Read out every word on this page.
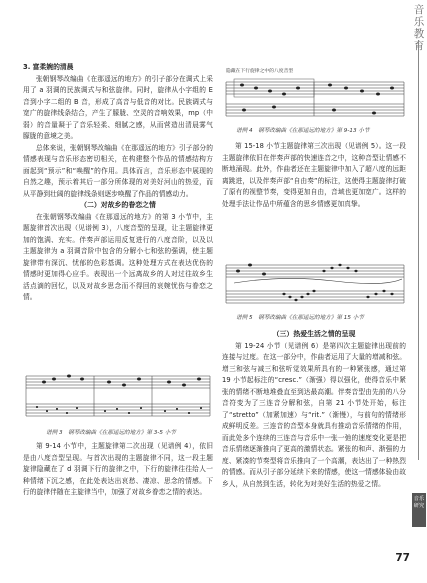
3. 富柔婉的清晨

张朝钢琴改编曲《在那遥远的地方》的引子部分在调式上采用了 a 羽调的民族调式与和弦旋律。同时，旋律从小字组的 E 音到小字二组的 B 音，形成了高音与低音的对比。民族调式与宽广的旋律线条结合，产生了朦胧、空灵的音响效果，mp（中弱）的音量凝于了音乐轻柔、细腻之感，从而营造出清晨雾气朦胧的意境之美。

总体来说，张朝钢琴改编曲《在那遥远的地方》引子部分的情感表现与音乐形态密切相关，在构建整个作品的情感结构方面起到“预示”和“唤醒”的作用。具体而言，音乐形态中展现的自然之趣，预示着其后一部分所体现的对美好河山的热爱，而从平静到壮阔的旋律线条则逐步唤醒了作品的情感动力。

（二）对故乡的眷恋之情

在张朝钢琴改编曲《在那遥远的地方》的第 3 小节中，主题旋律首次出现（见谱例 3），八度音型的呈现，让主题旋律更加的饱满、充实。伴奏声部运用反复进行的八度音阶，以及以主题旋律为 a 羽调音阶中包含的分解小七和弦的强调，使主题旋律带有深沉、忧郁的色彩基调。这种处理方式在表达优伤的情感时更加得心应手。表现出一个远离故乡的人对过往故乡生活点滴的回忆，以及对故乡思念而不得回的哀婉忧伤与眷恋之情。

谱例 3　钢琴改编曲《在那遥远的地方》第 3-5 小节

第 9-14 小节中，主题旋律第二次出现（见谱例 4），依旧是由八度音型呈现。与首次出现的主题旋律不同，这一段主题旋律隐藏在了 d 羽调下行的旋律之中，下行的旋律往往给人一种情绪下沉之感，在此处表达出哀愁、凄凉、思念的情感。下行的旋律伴随在主旋律当中，加强了对故乡眷恋之情的表达。

隐藏在下行旋律之中的八度音型
谱例 4　钢琴改编曲《在那遥远的地方》第 9-13 小节

第 15-18 小节主题旋律第三次出现（见谱例 5）。这一段主题旋律依旧在伴奏声部的快速连音之中，这种音型让情感不断地涌现。此外，作曲者还在主题旋律中加入了超八度的远距离跳进，以及伴奏声部“自由奏”的标注，这使得主题旋律打破了原有的视整节奏，变得更加自由，音域也更加宽广。这样的处理手法让作品中所蕴含的思乡情感更加真挚。

谱例 5　钢琴改编曲《在那遥远的地方》第 15 小节

（三）热爱生活之情的呈现

第 19-24 小节（见谱例 6）是第四次主题旋律出现前的连接与过度。在这一部分中，作曲者运用了大量的增减和弦。增三和弦与减三和弦听觉效果所具有的一种紧张感，通过第 19 小节起标注的“cresc.”（渐强）得以强化，使得音乐中紧张的情绪不断地堆叠直至到达最高潮。伴奏音型由先前的八分音符变为了三连音分解和弦，自第 21 小节处开始，标注了“stretto”（加紧加速）与“rit.”（渐慢），与前句的情绪形成鲜明反差。三连音的音型本身就具有推动音乐情绪的作用，而此处多个连续的三连音与音乐中一张一弛的速度变化更是把音乐情绪逐渐推向了更高的激情状态。紧张的和声、渐强的力度、紧凑的节奏型将音乐推向了一个高潮，表达出了一种热烈的情感。而从引子部分延续下来的情感，使这一情感体验由故乡人，从自然到生活，转化为对美好生活的热爱之情。

音乐教育
音乐研究
77
